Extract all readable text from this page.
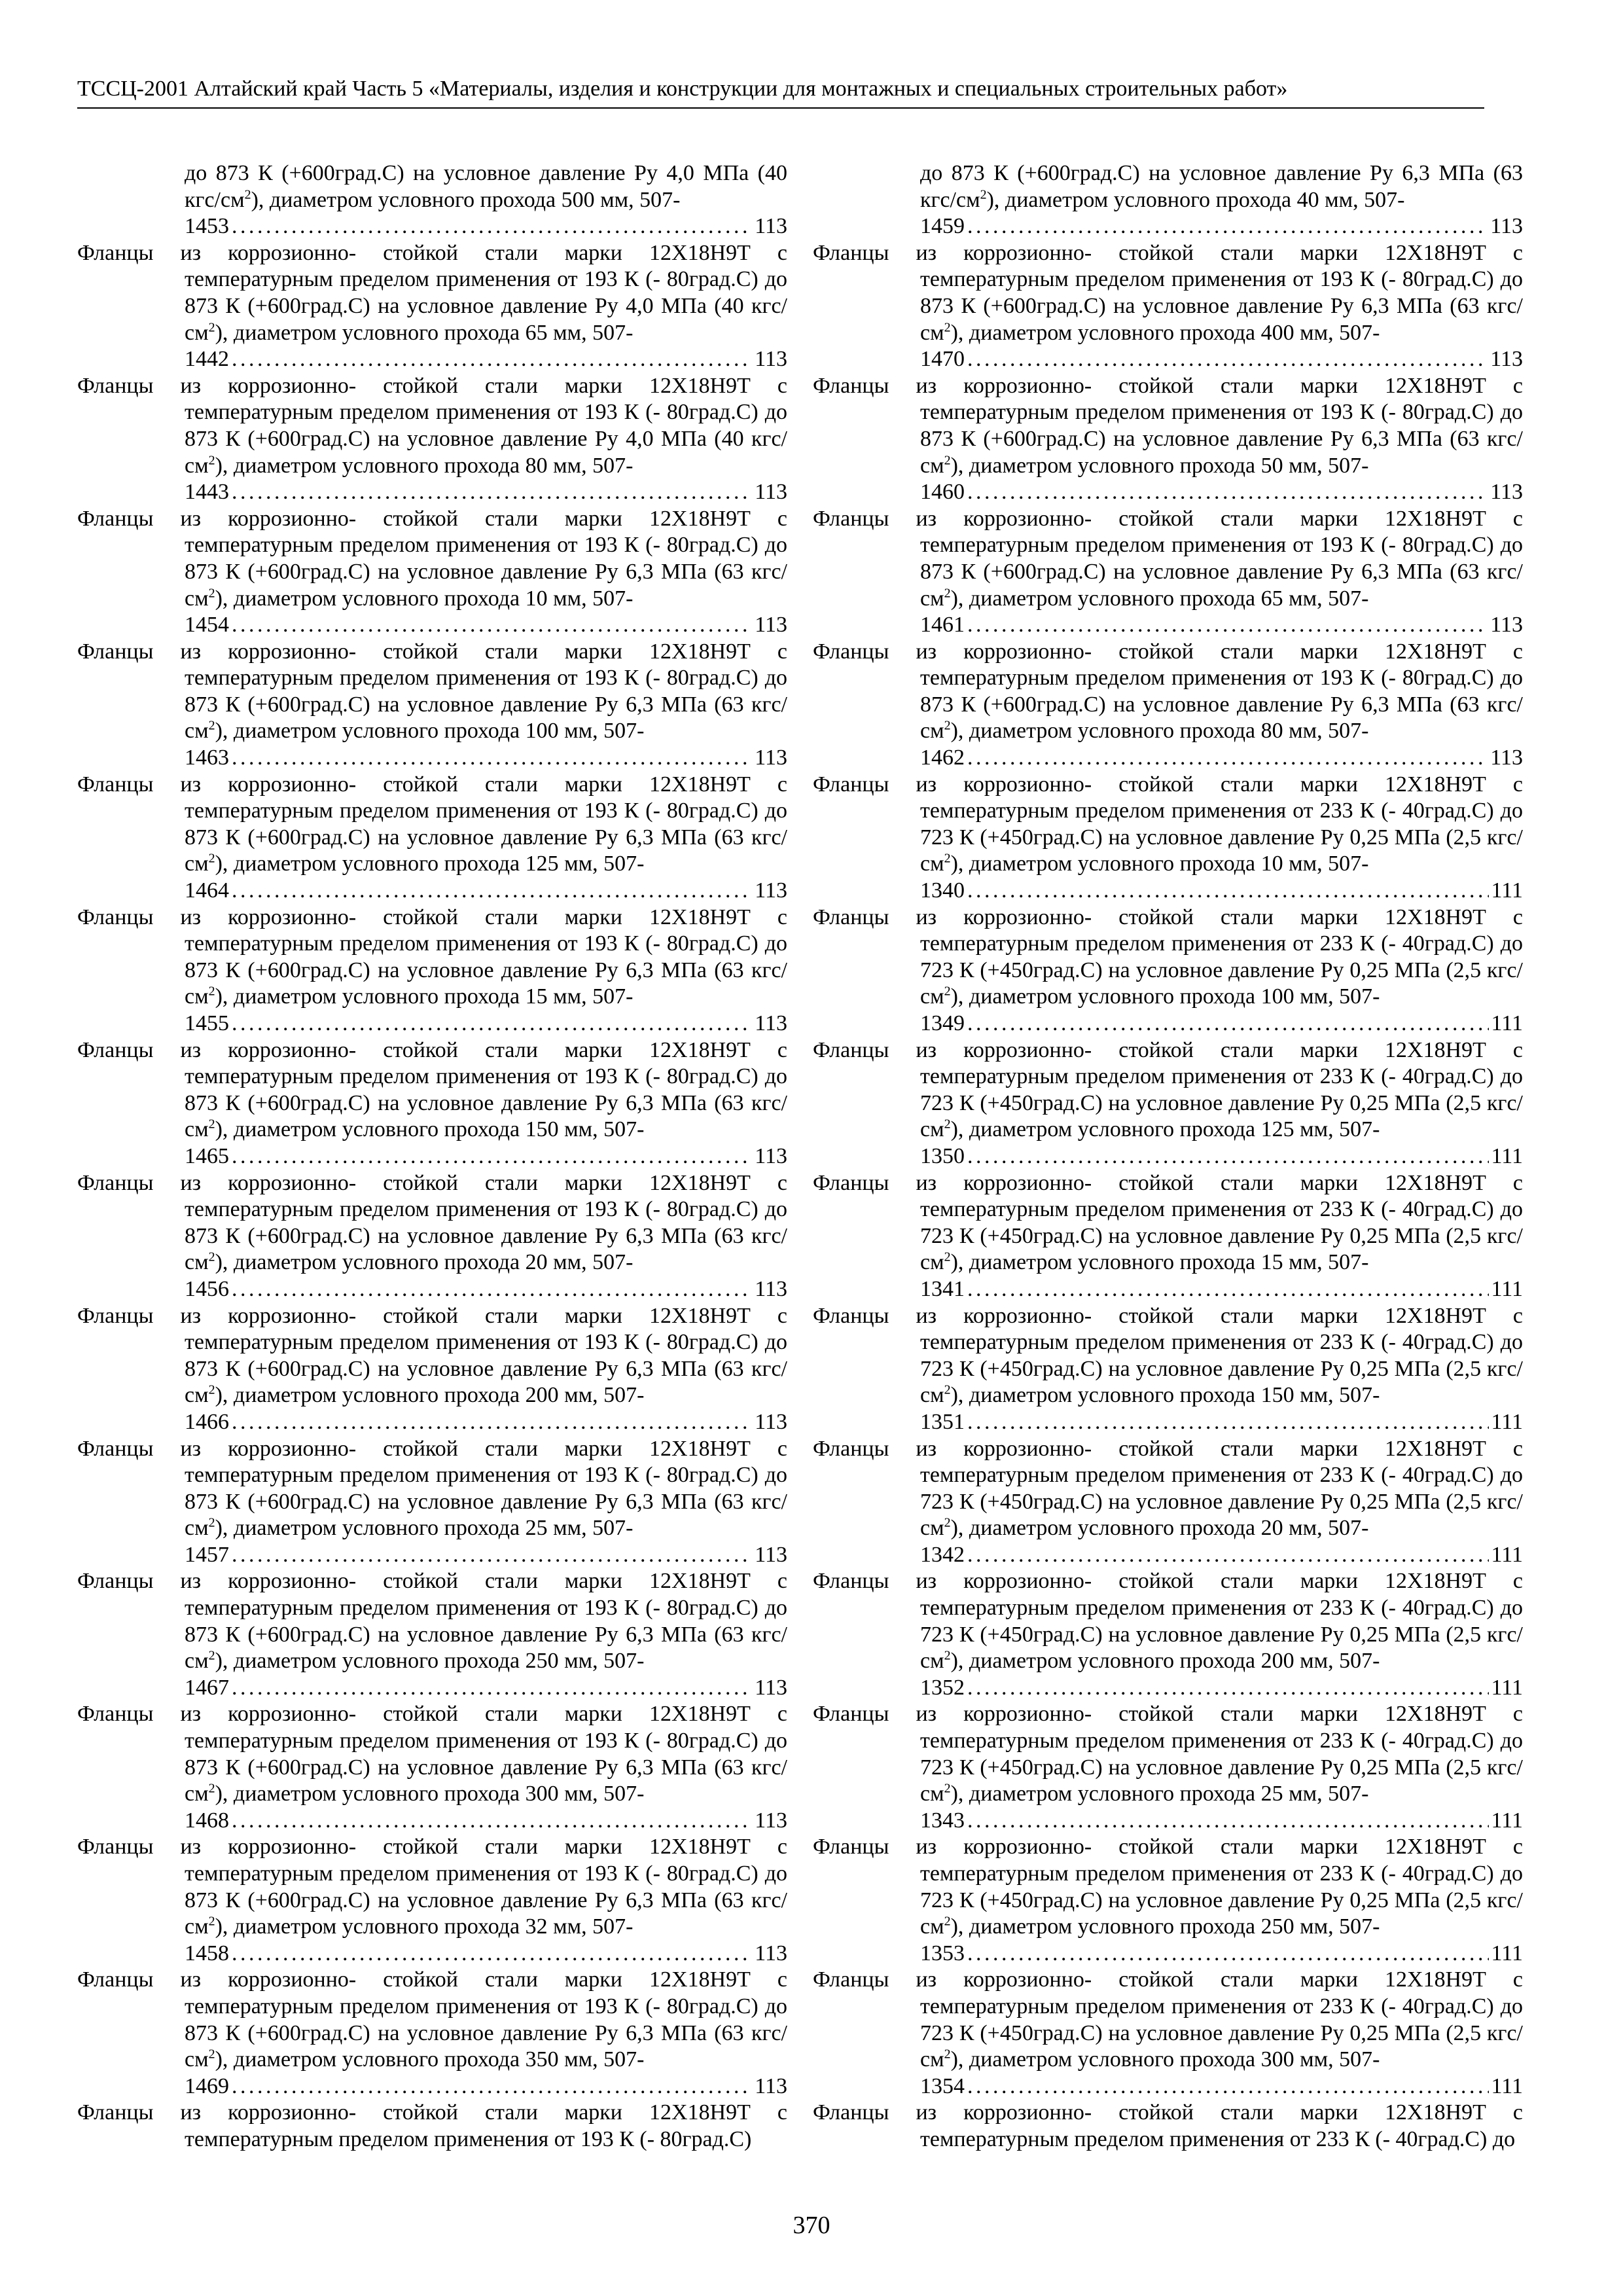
ТССЦ-2001 Алтайский край Часть 5 «Материалы, изделия и конструкции для монтажных и специальных строительных работ»

до 873 К (+600град.С) на условное давление Ру 4,0 МПа (40 кгс/$см^2$), диаметром условного прохода 500 мм, 507-

1453 . . .	113

Фланцы из коррозионно- стойкой стали марки 12Х18Н9Т с температурным пределом применения от 193 К (- 80град.С) до 873 К (+600град.С) на условное давление Ру 4,0 МПа (40 кгс/$см^2$), диаметром условного прохода 65 мм, 507-

1442 . . .	113

Фланцы из коррозионно- стойкой стали марки 12Х18Н9Т с температурным пределом применения от 193 К (- 80град.С) до 873 К (+600град.С) на условное давление Ру 4,0 МПа (40 кгс/$см^2$), диаметром условного прохода 80 мм, 507-

1443 . . .	113

Фланцы из коррозионно- стойкой стали марки 12Х18Н9Т с температурным пределом применения от 193 К (- 80град.С) до 873 К (+600град.С) на условное давление Ру 6,3 МПа (63 кгс/$см^2$), диаметром условного прохода 10 мм, 507-

1454 . . .	113

Фланцы из коррозионно- стойкой стали марки 12Х18Н9Т с температурным пределом применения от 193 К (- 80град.С) до 873 К (+600град.С) на условное давление Ру 6,3 МПа (63 кгс/$см^2$), диаметром условного прохода 100 мм, 507-

1463 . . .	113

Фланцы из коррозионно- стойкой стали марки 12Х18Н9Т с температурным пределом применения от 193 К (- 80град.С) до 873 К (+600град.С) на условное давление Ру 6,3 МПа (63 кгс/$см^2$), диаметром условного прохода 125 мм, 507-

1464 . . .	113

Фланцы из коррозионно- стойкой стали марки 12Х18Н9Т с температурным пределом применения от 193 К (- 80град.С) до 873 К (+600град.С) на условное давление Ру 6,3 МПа (63 кгс/$см^2$), диаметром условного прохода 15 мм, 507-

1455 . . .	113

Фланцы из коррозионно- стойкой стали марки 12Х18Н9Т с температурным пределом применения от 193 К (- 80град.С) до 873 К (+600град.С) на условное давление Ру 6,3 МПа (63 кгс/$см^2$), диаметром условного прохода 150 мм, 507-

1465 . . .	113

Фланцы из коррозионно- стойкой стали марки 12Х18Н9Т с температурным пределом применения от 193 К (- 80град.С) до 873 К (+600град.С) на условное давление Ру 6,3 МПа (63 кгс/$см^2$), диаметром условного прохода 20 мм, 507-

1456 . . .	113

Фланцы из коррозионно- стойкой стали марки 12Х18Н9Т с температурным пределом применения от 193 К (- 80град.С) до 873 К (+600град.С) на условное давление Ру 6,3 МПа (63 кгс/$см^2$), диаметром условного прохода 200 мм, 507-

1466 . . .	113

Фланцы из коррозионно- стойкой стали марки 12Х18Н9Т с температурным пределом применения от 193 К (- 80град.С) до 873 К (+600град.С) на условное давление Ру 6,3 МПа (63 кгс/$см^2$), диаметром условного прохода 25 мм, 507-

1457 . . .	113

Фланцы из коррозионно- стойкой стали марки 12Х18Н9Т с температурным пределом применения от 193 К (- 80град.С) до 873 К (+600град.С) на условное давление Ру 6,3 МПа (63 кгс/$см^2$), диаметром условного прохода 250 мм, 507-

1467 . . .	113

Фланцы из коррозионно- стойкой стали марки 12Х18Н9Т с температурным пределом применения от 193 К (- 80град.С) до 873 К (+600град.С) на условное давление Ру 6,3 МПа (63 кгс/$см^2$), диаметром условного прохода 300 мм, 507-

1468 . . .	113

Фланцы из коррозионно- стойкой стали марки 12Х18Н9Т с температурным пределом применения от 193 К (- 80град.С) до 873 К (+600град.С) на условное давление Ру 6,3 МПа (63 кгс/$см^2$), диаметром условного прохода 32 мм, 507-

1458 . . .	113

Фланцы из коррозионно- стойкой стали марки 12Х18Н9Т с температурным пределом применения от 193 К (- 80град.С) до 873 К (+600град.С) на условное давление Ру 6,3 МПа (63 кгс/$см^2$), диаметром условного прохода 350 мм, 507-

1469 . . .	113

Фланцы из коррозионно- стойкой стали марки 12Х18Н9Т с температурным пределом применения от 193 К (- 80град.С)

до 873 К (+600град.С) на условное давление Ру 6,3 МПа (63 кгс/$см^2$), диаметром условного прохода 40 мм, 507-

1459 . . .	113

Фланцы из коррозионно- стойкой стали марки 12Х18Н9Т с температурным пределом применения от 193 К (- 80град.С) до 873 К (+600град.С) на условное давление Ру 6,3 МПа (63 кгс/$см^2$), диаметром условного прохода 400 мм, 507-

1470 . . .	113

Фланцы из коррозионно- стойкой стали марки 12Х18Н9Т с температурным пределом применения от 193 К (- 80град.С) до 873 К (+600град.С) на условное давление Ру 6,3 МПа (63 кгс/$см^2$), диаметром условного прохода 50 мм, 507-

1460 . . .	113

Фланцы из коррозионно- стойкой стали марки 12Х18Н9Т с температурным пределом применения от 193 К (- 80град.С) до 873 К (+600град.С) на условное давление Ру 6,3 МПа (63 кгс/$см^2$), диаметром условного прохода 65 мм, 507-

1461 . . .	113

Фланцы из коррозионно- стойкой стали марки 12Х18Н9Т с температурным пределом применения от 193 К (- 80град.С) до 873 К (+600град.С) на условное давление Ру 6,3 МПа (63 кгс/$см^2$), диаметром условного прохода 80 мм, 507-

1462 . . .	113

Фланцы из коррозионно- стойкой стали марки 12Х18Н9Т с температурным пределом применения от 233 К (- 40град.С) до 723 К (+450град.С) на условное давление Ру 0,25 МПа (2,5 кгс/$см^2$), диаметром условного прохода 10 мм, 507-

1340 . . .	111

Фланцы из коррозионно- стойкой стали марки 12Х18Н9Т с температурным пределом применения от 233 К (- 40град.С) до 723 К (+450град.С) на условное давление Ру 0,25 МПа (2,5 кгс/$см^2$), диаметром условного прохода 100 мм, 507-

1349 . . .	111

Фланцы из коррозионно- стойкой стали марки 12Х18Н9Т с температурным пределом применения от 233 К (- 40град.С) до 723 К (+450град.С) на условное давление Ру 0,25 МПа (2,5 кгс/$см^2$), диаметром условного прохода 125 мм, 507-

1350 . . .	111

Фланцы из коррозионно- стойкой стали марки 12Х18Н9Т с температурным пределом применения от 233 К (- 40град.С) до 723 К (+450град.С) на условное давление Ру 0,25 МПа (2,5 кгс/$см^2$), диаметром условного прохода 15 мм, 507-

1341 . . .	111

Фланцы из коррозионно- стойкой стали марки 12Х18Н9Т с температурным пределом применения от 233 К (- 40град.С) до 723 К (+450град.С) на условное давление Ру 0,25 МПа (2,5 кгс/$см^2$), диаметром условного прохода 150 мм, 507-

1351 . . .	111

Фланцы из коррозионно- стойкой стали марки 12Х18Н9Т с температурным пределом применения от 233 К (- 40град.С) до 723 К (+450град.С) на условное давление Ру 0,25 МПа (2,5 кгс/$см^2$), диаметром условного прохода 20 мм, 507-

1342 . . .	111

Фланцы из коррозионно- стойкой стали марки 12Х18Н9Т с температурным пределом применения от 233 К (- 40град.С) до 723 К (+450град.С) на условное давление Ру 0,25 МПа (2,5 кгс/$см^2$), диаметром условного прохода 200 мм, 507-

1352 . . .	111

Фланцы из коррозионно- стойкой стали марки 12Х18Н9Т с температурным пределом применения от 233 К (- 40град.С) до 723 К (+450град.С) на условное давление Ру 0,25 МПа (2,5 кгс/$см^2$), диаметром условного прохода 25 мм, 507-

1343 . . .	111

Фланцы из коррозионно- стойкой стали марки 12Х18Н9Т с температурным пределом применения от 233 К (- 40град.С) до 723 К (+450град.С) на условное давление Ру 0,25 МПа (2,5 кгс/$см^2$), диаметром условного прохода 250 мм, 507-

1353 . . .	111

Фланцы из коррозионно- стойкой стали марки 12Х18Н9Т с температурным пределом применения от 233 К (- 40град.С) до 723 К (+450град.С) на условное давление Ру 0,25 МПа (2,5 кгс/$см^2$), диаметром условного прохода 300 мм, 507-

1354 . . .	111

Фланцы из коррозионно- стойкой стали марки 12Х18Н9Т с температурным пределом применения от 233 К (- 40град.С) до

370
